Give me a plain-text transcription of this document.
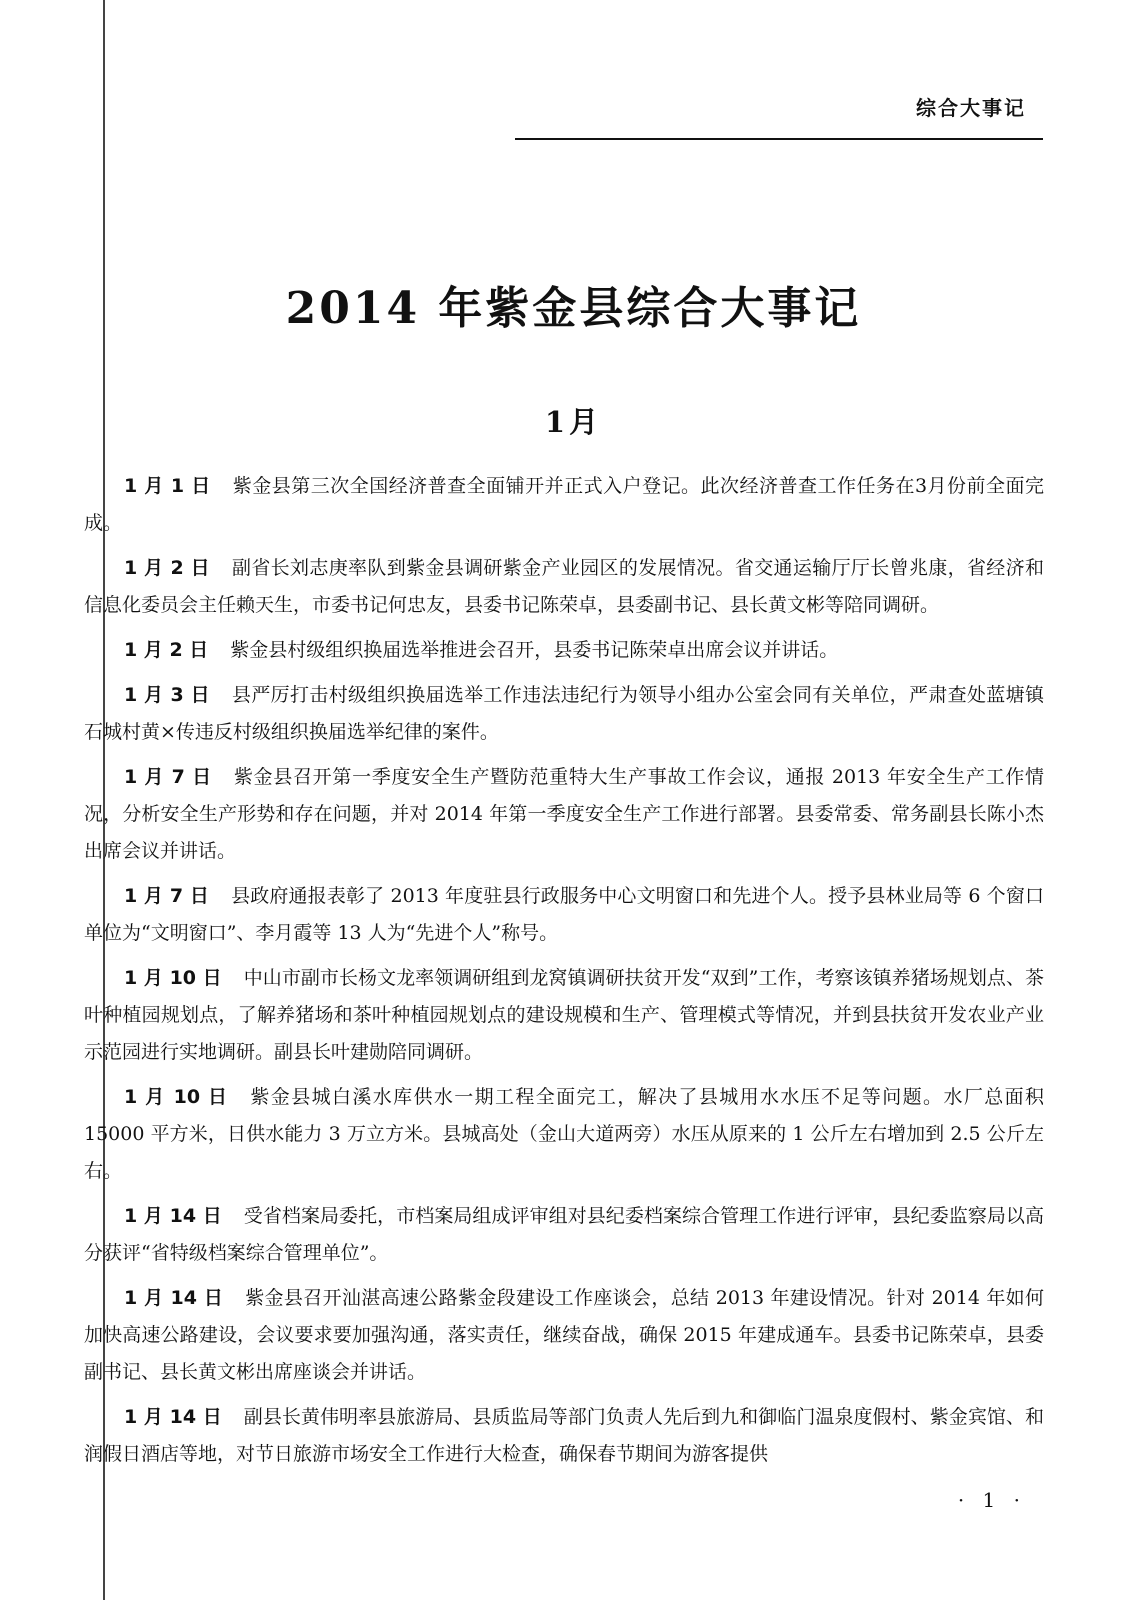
综合大事记
2014 年紫金县综合大事记
1月

1 月 1 日 紫金县第三次全国经济普查全面铺开并正式入户登记。此次经济普查工作任务在3月份前全面完成。

1 月 2 日 副省长刘志庚率队到紫金县调研紫金产业园区的发展情况。省交通运输厅厅长曾兆康，省经济和信息化委员会主任赖天生，市委书记何忠友，县委书记陈荣卓，县委副书记、县长黄文彬等陪同调研。

1 月 2 日 紫金县村级组织换届选举推进会召开，县委书记陈荣卓出席会议并讲话。

1 月 3 日 县严厉打击村级组织换届选举工作违法违纪行为领导小组办公室会同有关单位，严肃查处蓝塘镇石城村黄×传违反村级组织换届选举纪律的案件。

1 月 7 日 紫金县召开第一季度安全生产暨防范重特大生产事故工作会议，通报 2013 年安全生产工作情况，分析安全生产形势和存在问题，并对 2014 年第一季度安全生产工作进行部署。县委常委、常务副县长陈小杰出席会议并讲话。

1 月 7 日 县政府通报表彰了 2013 年度驻县行政服务中心文明窗口和先进个人。授予县林业局等 6 个窗口单位为“文明窗口”、李月霞等 13 人为“先进个人”称号。

1 月 10 日 中山市副市长杨文龙率领调研组到龙窝镇调研扶贫开发“双到”工作，考察该镇养猪场规划点、茶叶种植园规划点，了解养猪场和茶叶种植园规划点的建设规模和生产、管理模式等情况，并到县扶贫开发农业产业示范园进行实地调研。副县长叶建勋陪同调研。

1 月 10 日 紫金县城白溪水库供水一期工程全面完工，解决了县城用水水压不足等问题。水厂总面积 15000 平方米，日供水能力 3 万立方米。县城高处（金山大道两旁）水压从原来的 1 公斤左右增加到 2.5 公斤左右。

1 月 14 日 受省档案局委托，市档案局组成评审组对县纪委档案综合管理工作进行评审，县纪委监察局以高分获评“省特级档案综合管理单位”。

1 月 14 日 紫金县召开汕湛高速公路紫金段建设工作座谈会，总结 2013 年建设情况。针对 2014 年如何加快高速公路建设，会议要求要加强沟通，落实责任，继续奋战，确保 2015 年建成通车。县委书记陈荣卓，县委副书记、县长黄文彬出席座谈会并讲话。

1 月 14 日 副县长黄伟明率县旅游局、县质监局等部门负责人先后到九和御临门温泉度假村、紫金宾馆、和润假日酒店等地，对节日旅游市场安全工作进行大检查，确保春节期间为游客提供

· 1 ·
